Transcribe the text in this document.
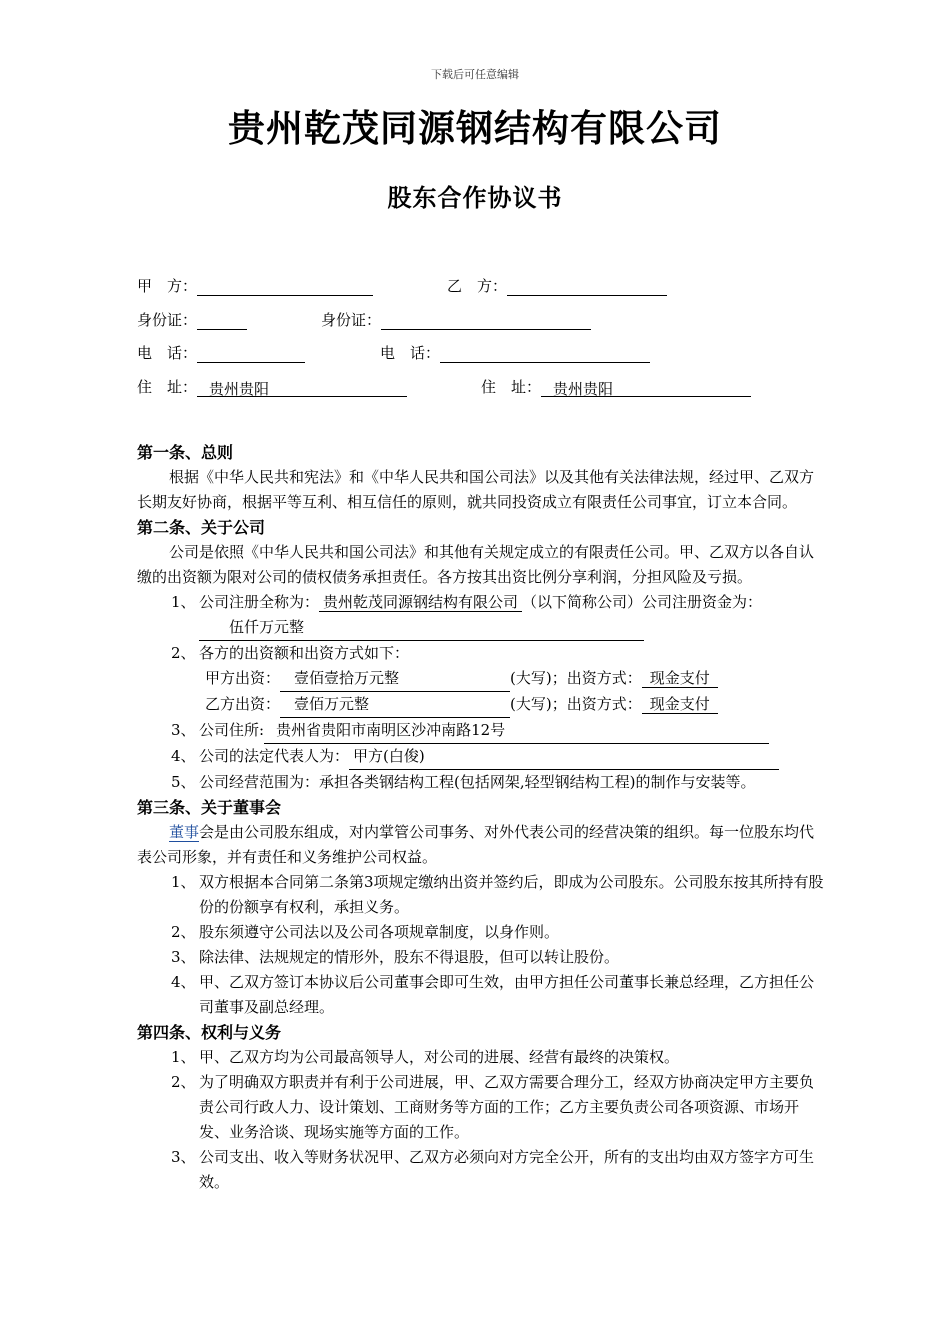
下载后可任意编辑
贵州乾茂同源钢结构有限公司
股东合作协议书
甲　方：	乙　方：
身份证：	身份证：
电　话：	电　话：
住　址： 贵州贵阳	住　址： 贵州贵阳
第一条、总则
根据《中华人民共和宪法》和《中华人民共和国公司法》以及其他有关法律法规，经过甲、乙双方长期友好协商，根据平等互利、相互信任的原则，就共同投资成立有限责任公司事宜，订立本合同。
第二条、关于公司
公司是依照《中华人民共和国公司法》和其他有关规定成立的有限责任公司。甲、乙双方以各自认缴的出资额为限对公司的债权债务承担责任。各方按其出资比例分享利润，分担风险及亏损。
1、 公司注册全称为： 贵州乾茂同源钢结构有限公司 （以下简称公司）公司注册资金为：伍仟万元整
2、 各方的出资额和出资方式如下：
甲方出资： 壹佰壹拾万元整	(大写)；出资方式： 现金支付
乙方出资： 壹佰万元整	(大写)；出资方式： 现金支付
3、 公司住所: 贵州省贵阳市南明区沙冲南路12号
4、 公司的法定代表人为： 甲方(白俊)
5、 公司经营范围为：承担各类钢结构工程(包括网架,轻型钢结构工程)的制作与安装等。
第三条、关于董事会
董事会是由公司股东组成，对内掌管公司事务、对外代表公司的经营决策的组织。每一位股东均代表公司形象，并有责任和义务维护公司权益。
1、 双方根据本合同第二条第3项规定缴纳出资并签约后，即成为公司股东。公司股东按其所持有股份的份额享有权利，承担义务。
2、 股东须遵守公司法以及公司各项规章制度，以身作则。
3、 除法律、法规规定的情形外，股东不得退股，但可以转让股份。
4、 甲、乙双方签订本协议后公司董事会即可生效，由甲方担任公司董事长兼总经理，乙方担任公司董事及副总经理。
第四条、权利与义务
1、 甲、乙双方均为公司最高领导人，对公司的进展、经营有最终的决策权。
2、 为了明确双方职责并有利于公司进展，甲、乙双方需要合理分工，经双方协商决定甲方主要负责公司行政人力、设计策划、工商财务等方面的工作；乙方主要负责公司各项资源、市场开发、业务洽谈、现场实施等方面的工作。
3、 公司支出、收入等财务状况甲、乙双方必须向对方完全公开，所有的支出均由双方签字方可生效。
